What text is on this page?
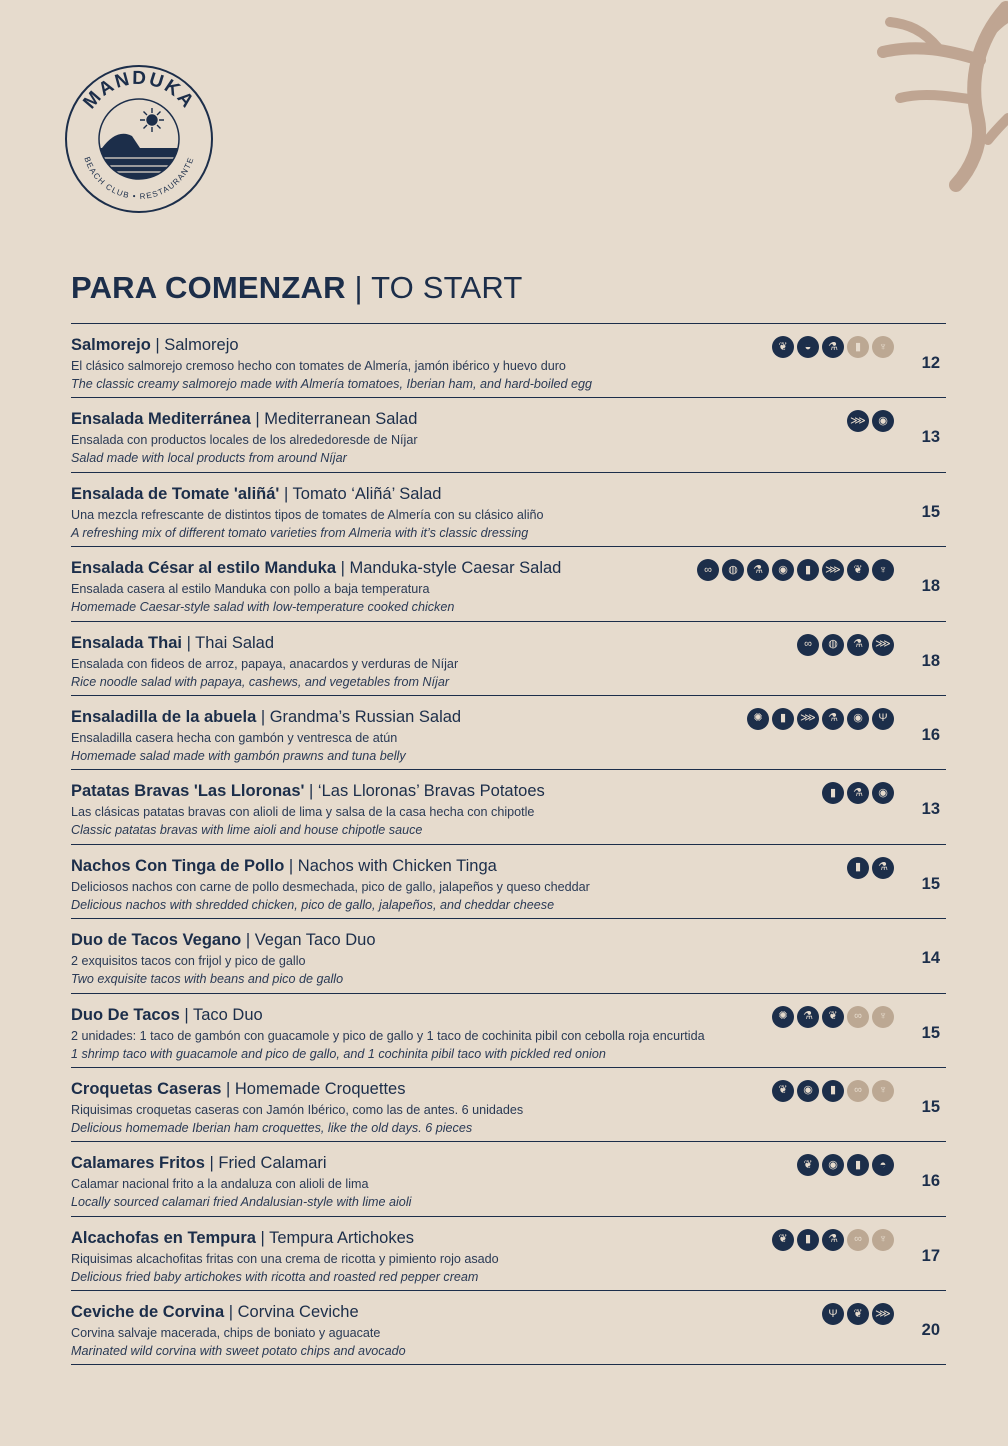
MANDUKA
BEACH CLUB • RESTAURANTE
PARA COMENZAR | TO START
Salmorejo | Salmorejo
El clásico salmorejo cremoso hecho con tomates de Almería, jamón ibérico y huevo duro
The classic creamy salmorejo made with Almería tomatoes, Iberian ham, and hard-boiled egg
❦	◒	⚗	▮	♆
12
Ensalada Mediterránea | Mediterranean Salad
Ensalada con productos locales de los alrededoresde de Níjar
Salad made with local products from around Níjar
⋙	◉
13
Ensalada de Tomate 'aliñá' | Tomato ‘Aliñá’ Salad
Una mezcla refrescante de distintos tipos de tomates de Almería con su clásico aliño
A refreshing mix of different tomato varieties from Almeria with it’s classic dressing
15
Ensalada César al estilo Manduka | Manduka-style Caesar Salad
Ensalada casera al estilo Manduka con pollo a baja temperatura
Homemade Caesar-style salad with low-temperature cooked chicken
∞	◍	⚗	◉	▮	⋙	❦	♆
18
Ensalada Thai | Thai Salad
Ensalada con fideos de arroz, papaya, anacardos y verduras de Níjar
Rice noodle salad with papaya, cashews, and vegetables from Níjar
∞	◍	⚗	⋙
18
Ensaladilla de la abuela | Grandma’s Russian Salad
Ensaladilla casera hecha con gambón y ventresca de atún
Homemade salad made with gambón prawns and tuna belly
✺	▮	⋙	⚗	◉	Ψ
16
Patatas Bravas 'Las Lloronas' | ‘Las Lloronas’ Bravas Potatoes
Las clásicas patatas bravas con alioli de lima y salsa de la casa hecha con chipotle
Classic patatas bravas with lime aioli and house chipotle sauce
▮	⚗	◉
13
Nachos Con Tinga de Pollo | Nachos with Chicken Tinga
Deliciosos nachos con carne de pollo desmechada, pico de gallo, jalapeños y queso cheddar
Delicious nachos with shredded chicken, pico de gallo, jalapeños, and cheddar cheese
▮	⚗
15
Duo de Tacos Vegano | Vegan Taco Duo
2 exquisitos tacos con frijol y pico de gallo
Two exquisite tacos with beans and pico de gallo
14
Duo De Tacos | Taco Duo
2 unidades: 1 taco de gambón con guacamole y pico de gallo y 1 taco de cochinita pibil con cebolla roja encurtida
1 shrimp taco with guacamole and pico de gallo, and 1 cochinita pibil taco with pickled red onion
✺	⚗	❦	∞	♆
15
Croquetas Caseras | Homemade Croquettes
Riquisimas croquetas caseras con Jamón Ibérico, como las de antes. 6 unidades
Delicious homemade Iberian ham croquettes, like the old days. 6 pieces
❦	◉	▮	∞	♆
15
Calamares Fritos | Fried Calamari
Calamar nacional frito a la andaluza con alioli de lima
Locally sourced calamari fried Andalusian-style with lime aioli
❦	◉	▮	◓
16
Alcachofas en Tempura | Tempura Artichokes
Riquisimas alcachofitas fritas con una crema de ricotta y pimiento rojo asado
Delicious fried baby artichokes with ricotta and roasted red pepper cream
❦	▮	⚗	∞	♆
17
Ceviche de Corvina | Corvina Ceviche
Corvina salvaje macerada, chips de boniato y aguacate
Marinated wild corvina with sweet potato chips and avocado
Ψ	❦	⋙
20
